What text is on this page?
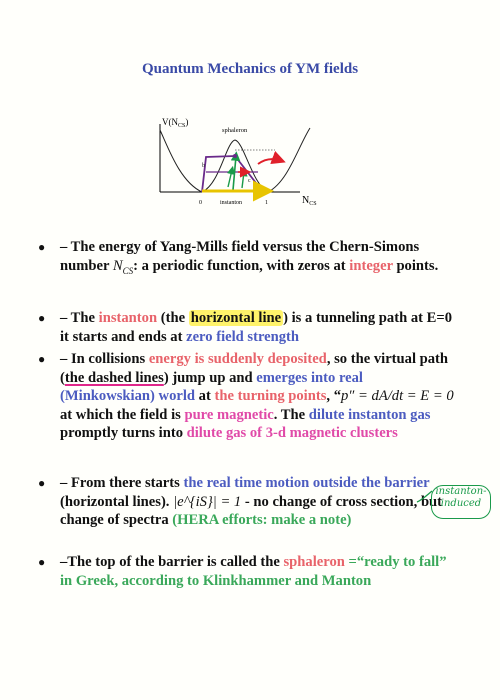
Quantum Mechanics of YM fields
$V(N_{CS})$
sphaleron
instanton
0	1	$N_{CS}$
b
c
● – The energy of Yang-Mills field versus the Chern-Simons number $N_{CS}$: a periodic function, with zeros at integer points.
● – The instanton (the horizontal line ) is a tunneling path at E=0 it starts and ends at zero field strength
● – In collisions energy is suddenly deposited, so the virtual path (the dashed lines) jump up and emerges into real (Minkowskian) world at the turning points, “p″ = dA/dt = E = 0 at which the field is pure magnetic. The dilute instanton gas promptly turns into dilute gas of 3-d magnetic clusters
● – From there starts the real time motion outside the barrier (horizontal lines). |e^{iS}| = 1 - no change of cross section, but change of spectra (HERA efforts: make a note)
● –The top of the barrier is called the sphaleron =“ready to fall” in Greek, according to Klinkhammer and Manton
instanton-
induced
